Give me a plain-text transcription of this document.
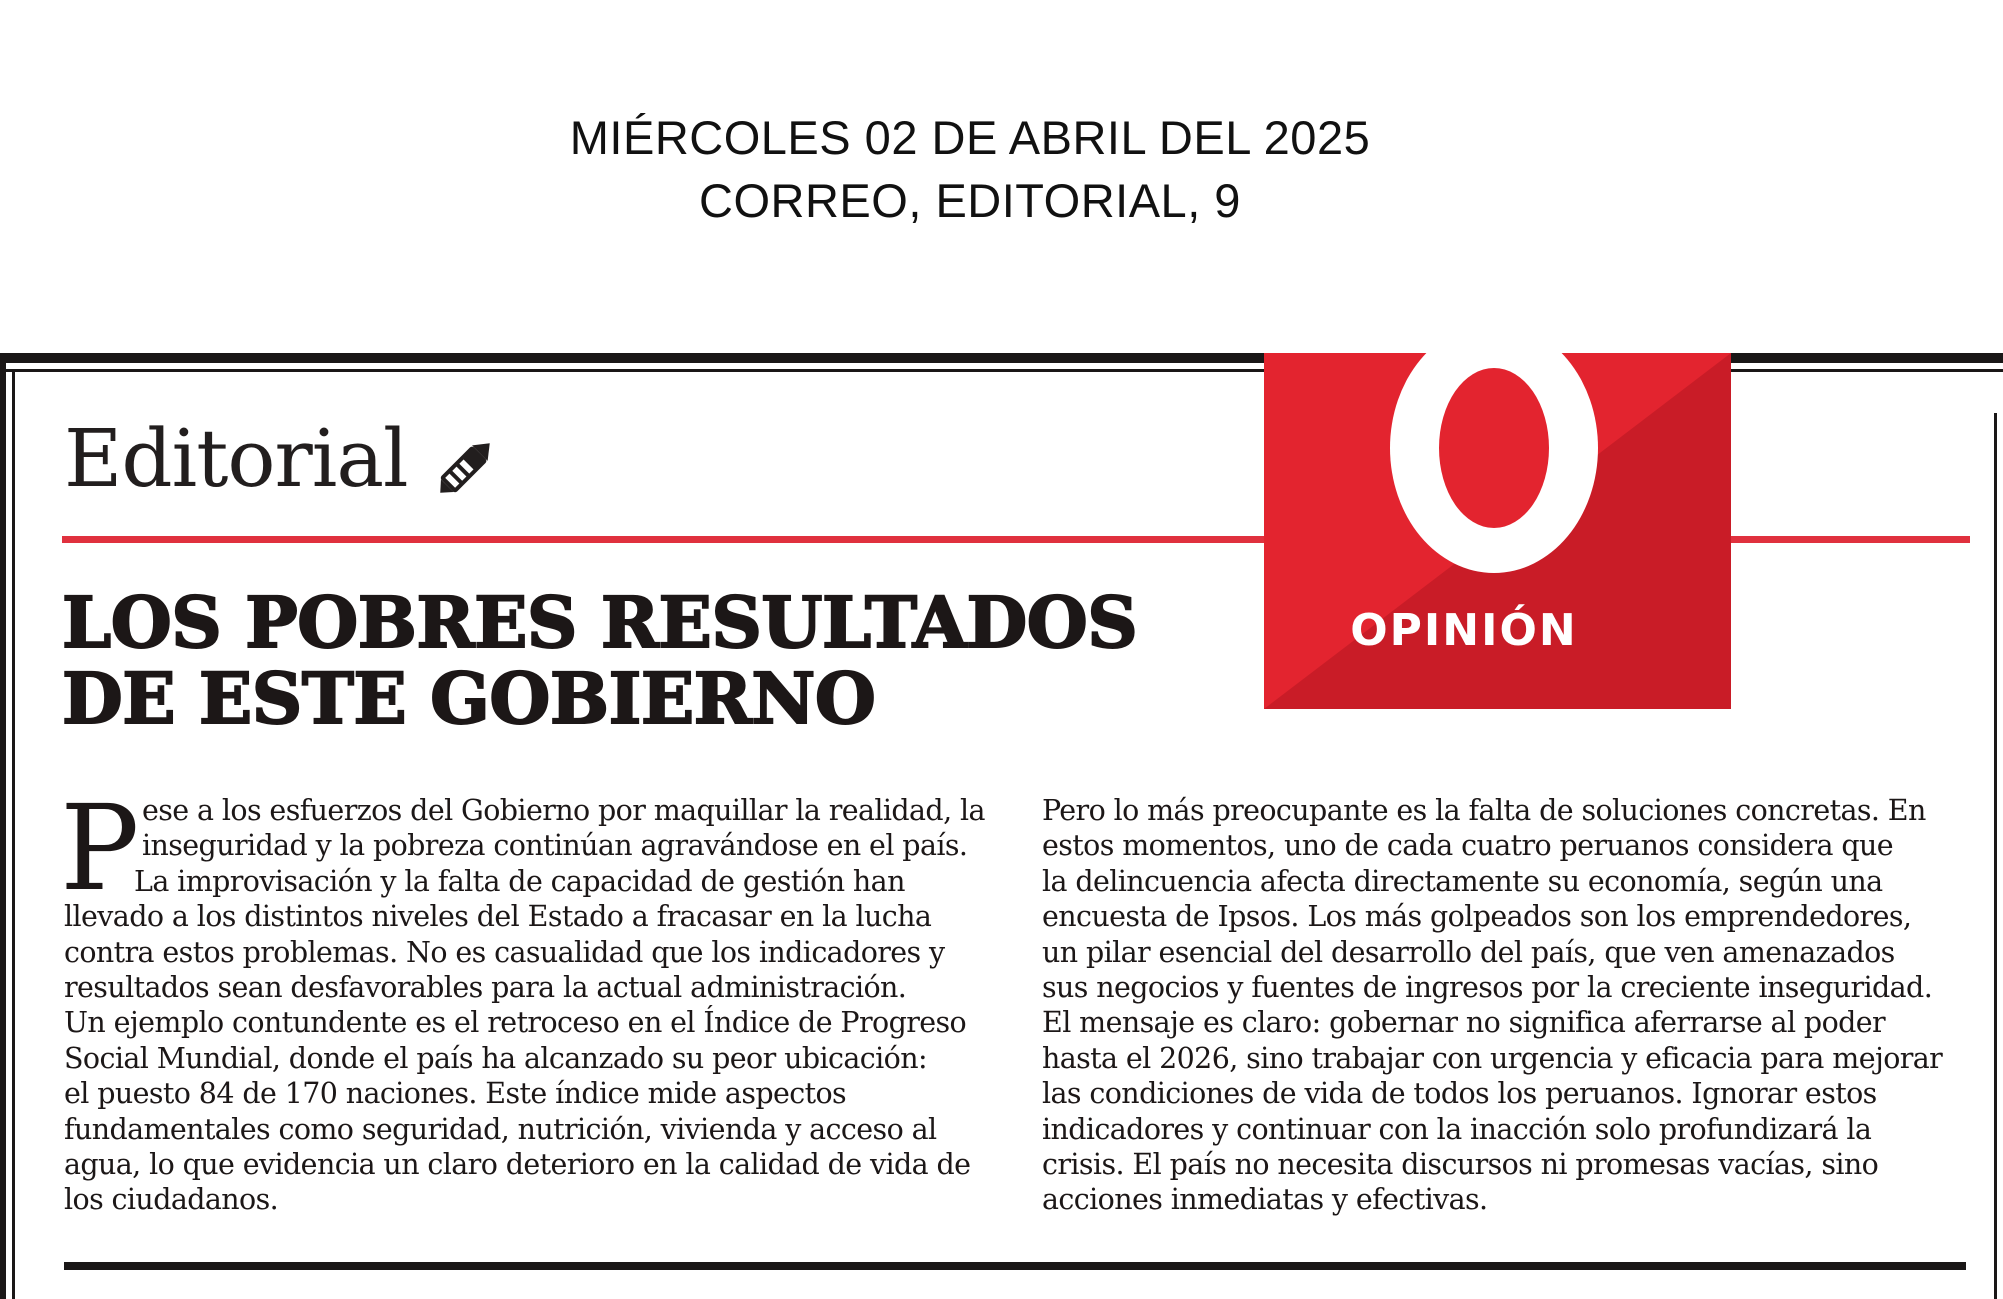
MIÉRCOLES 02 DE ABRIL DEL 2025
CORREO, EDITORIAL, 9
Editorial
OPINIÓN
LOS POBRES RESULTADOS
DE ESTE GOBIERNO
P ese a los esfuerzos del Gobierno por maquillar la realidad, la
inseguridad y la pobreza continúan agravándose en el país.
La improvisación y la falta de capacidad de gestión han
llevado a los distintos niveles del Estado a fracasar en la lucha
contra estos problemas. No es casualidad que los indicadores y
resultados sean desfavorables para la actual administración.
Un ejemplo contundente es el retroceso en el Índice de Progreso
Social Mundial, donde el país ha alcanzado su peor ubicación:
el puesto 84 de 170 naciones. Este índice mide aspectos
fundamentales como seguridad, nutrición, vivienda y acceso al
agua, lo que evidencia un claro deterioro en la calidad de vida de
los ciudadanos.
Pero lo más preocupante es la falta de soluciones concretas. En
estos momentos, uno de cada cuatro peruanos considera que
la delincuencia afecta directamente su economía, según una
encuesta de Ipsos. Los más golpeados son los emprendedores,
un pilar esencial del desarrollo del país, que ven amenazados
sus negocios y fuentes de ingresos por la creciente inseguridad.
El mensaje es claro: gobernar no significa aferrarse al poder
hasta el 2026, sino trabajar con urgencia y eficacia para mejorar
las condiciones de vida de todos los peruanos. Ignorar estos
indicadores y continuar con la inacción solo profundizará la
crisis. El país no necesita discursos ni promesas vacías, sino
acciones inmediatas y efectivas.
